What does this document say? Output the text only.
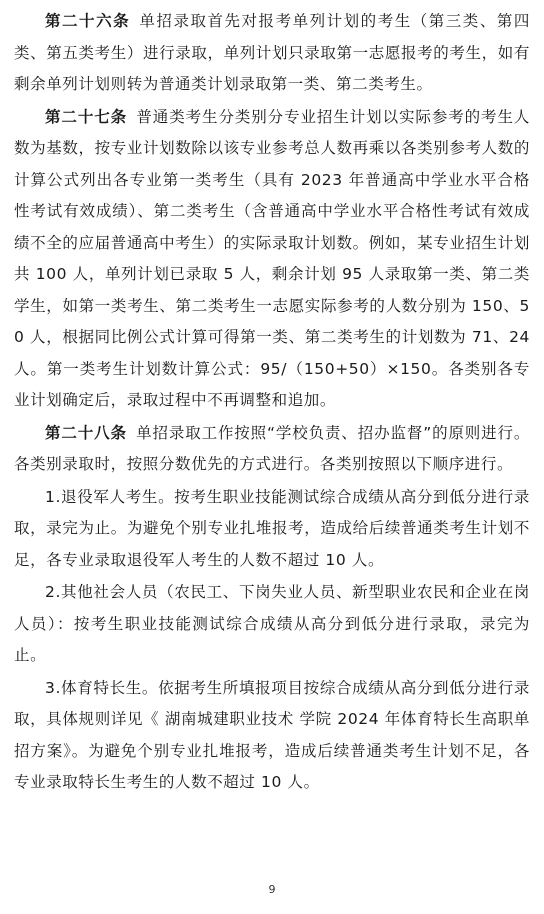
第二十六条 单招录取首先对报考单列计划的考生（第三类、第四类、第五类考生）进行录取，单列计划只录取第一志愿报考的考生，如有剩余单列计划则转为普通类计划录取第一类、第二类考生。

第二十七条 普通类考生分类别分专业招生计划以实际参考的考生人数为基数，按专业计划数除以该专业参考总人数再乘以各类别参考人数的计算公式列出各专业第一类考生（具有 2023 年普通高中学业水平合格性考试有效成绩）、第二类考生（含普通高中学业水平合格性考试有效成绩不全的应届普通高中考生）的实际录取计划数。例如，某专业招生计划共 100 人，单列计划已录取 5 人，剩余计划 95 人录取第一类、第二类学生，如第一类考生、第二类考生一志愿实际参考的人数分别为 150、50 人，根据同比例公式计算可得第一类、第二类考生的计划数为 71、24 人。第一类考生计划数计算公式：95/（150+50）×150。各类别各专业计划确定后，录取过程中不再调整和追加。

第二十八条 单招录取工作按照“学校负责、招办监督”的原则进行。各类别录取时，按照分数优先的方式进行。各类别按照以下顺序进行。

1.退役军人考生。按考生职业技能测试综合成绩从高分到低分进行录取，录完为止。为避免个别专业扎堆报考，造成给后续普通类考生计划不足，各专业录取退役军人考生的人数不超过 10 人。

2.其他社会人员（农民工、下岗失业人员、新型职业农民和企业在岗人员）：按考生职业技能测试综合成绩从高分到低分进行录取，录完为止。

3.体育特长生。依据考生所填报项目按综合成绩从高分到低分进行录取，具体规则详见《 湖南城建职业技术 学院 2024 年体育特长生高职单招方案》。为避免个别专业扎堆报考，造成后续普通类考生计划不足，各专业录取特长生考生的人数不超过 10 人。

9
